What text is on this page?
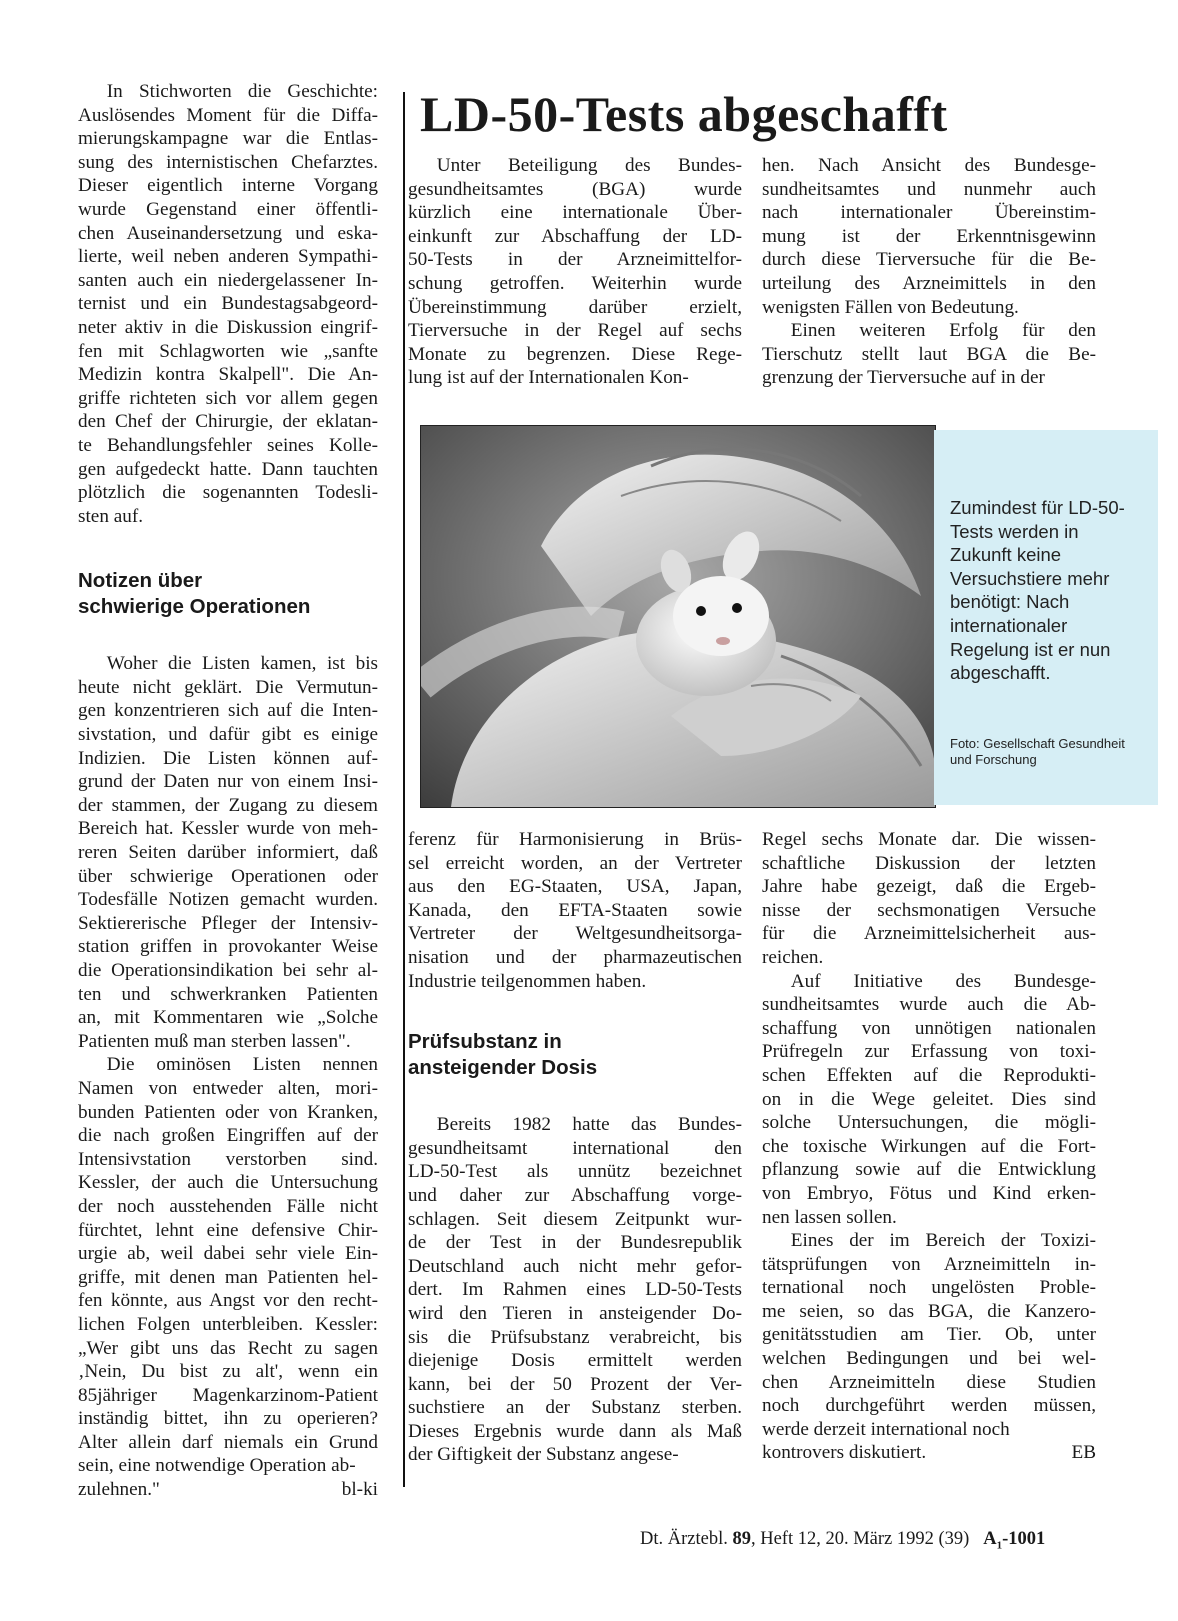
In Stichworten die Geschichte:
Auslösendes Moment für die Diffa-
mierungskampagne war die Entlas-
sung des internistischen Chefarztes.
Dieser eigentlich interne Vorgang
wurde Gegenstand einer öffentli-
chen Auseinandersetzung und eska-
lierte, weil neben anderen Sympathi-
santen auch ein niedergelassener In-
ternist und ein Bundestagsabgeord-
neter aktiv in die Diskussion eingrif-
fen mit Schlagworten wie „sanfte
Medizin kontra Skalpell". Die An-
griffe richteten sich vor allem gegen
den Chef der Chirurgie, der eklatan-
te Behandlungsfehler seines Kolle-
gen aufgedeckt hatte. Dann tauchten
plötzlich die sogenannten Todesli-
sten auf.
Notizen über
schwierige Operationen
Woher die Listen kamen, ist bis
heute nicht geklärt. Die Vermutun-
gen konzentrieren sich auf die Inten-
sivstation, und dafür gibt es einige
Indizien. Die Listen können auf-
grund der Daten nur von einem Insi-
der stammen, der Zugang zu diesem
Bereich hat. Kessler wurde von meh-
reren Seiten darüber informiert, daß
über schwierige Operationen oder
Todesfälle Notizen gemacht wurden.
Sektiererische Pfleger der Intensiv-
station griffen in provokanter Weise
die Operationsindikation bei sehr al-
ten und schwerkranken Patienten
an, mit Kommentaren wie „Solche
Patienten muß man sterben lassen".
Die ominösen Listen nennen
Namen von entweder alten, mori-
bunden Patienten oder von Kranken,
die nach großen Eingriffen auf der
Intensivstation verstorben sind.
Kessler, der auch die Untersuchung
der noch ausstehenden Fälle nicht
fürchtet, lehnt eine defensive Chir-
urgie ab, weil dabei sehr viele Ein-
griffe, mit denen man Patienten hel-
fen könnte, aus Angst vor den recht-
lichen Folgen unterbleiben. Kessler:
„Wer gibt uns das Recht zu sagen
‚Nein, Du bist zu alt', wenn ein
85jähriger Magenkarzinom-Patient
inständig bittet, ihn zu operieren?
Alter allein darf niemals ein Grund
sein, eine notwendige Operation ab-

zulehnen."	bl-ki

LD-50-Tests abgeschafft
Unter Beteiligung des Bundes-
gesundheitsamtes (BGA) wurde
kürzlich eine internationale Über-
einkunft zur Abschaffung der LD-
50-Tests in der Arzneimittelfor-
schung getroffen. Weiterhin wurde
Übereinstimmung darüber erzielt,
Tierversuche in der Regel auf sechs
Monate zu begrenzen. Diese Rege-
lung ist auf der Internationalen Kon-
hen. Nach Ansicht des Bundesge-
sundheitsamtes und nunmehr auch
nach internationaler Übereinstim-
mung ist der Erkenntnisgewinn
durch diese Tierversuche für die Be-
urteilung des Arzneimittels in den
wenigsten Fällen von Bedeutung.
Einen weiteren Erfolg für den
Tierschutz stellt laut BGA die Be-
grenzung der Tierversuche auf in der

Zumindest für LD-50-Tests werden in Zukunft keine Versuchstiere mehr benötigt: Nach internationaler Regelung ist er nun abgeschafft.

Foto: Gesellschaft Gesundheit und Forschung

ferenz für Harmonisierung in Brüs-
sel erreicht worden, an der Vertreter
aus den EG-Staaten, USA, Japan,
Kanada, den EFTA-Staaten sowie
Vertreter der Weltgesundheitsorga-
nisation und der pharmazeutischen
Industrie teilgenommen haben.
Prüfsubstanz in
ansteigender Dosis
Bereits 1982 hatte das Bundes-
gesundheitsamt international den
LD-50-Test als unnütz bezeichnet
und daher zur Abschaffung vorge-
schlagen. Seit diesem Zeitpunkt wur-
de der Test in der Bundesrepublik
Deutschland auch nicht mehr gefor-
dert. Im Rahmen eines LD-50-Tests
wird den Tieren in ansteigender Do-
sis die Prüfsubstanz verabreicht, bis
diejenige Dosis ermittelt werden
kann, bei der 50 Prozent der Ver-
suchstiere an der Substanz sterben.
Dieses Ergebnis wurde dann als Maß
der Giftigkeit der Substanz angese-
Regel sechs Monate dar. Die wissen-
schaftliche Diskussion der letzten
Jahre habe gezeigt, daß die Ergeb-
nisse der sechsmonatigen Versuche
für die Arzneimittelsicherheit aus-
reichen.
Auf Initiative des Bundesge-
sundheitsamtes wurde auch die Ab-
schaffung von unnötigen nationalen
Prüfregeln zur Erfassung von toxi-
schen Effekten auf die Reprodukti-
on in die Wege geleitet. Dies sind
solche Untersuchungen, die mögli-
che toxische Wirkungen auf die Fort-
pflanzung sowie auf die Entwicklung
von Embryo, Fötus und Kind erken-
nen lassen sollen.
Eines der im Bereich der Toxizi-
tätsprüfungen von Arzneimitteln in-
ternational noch ungelösten Proble-
me seien, so das BGA, die Kanzero-
genitätsstudien am Tier. Ob, unter
welchen Bedingungen und bei wel-
chen Arzneimitteln diese Studien
noch durchgeführt werden müssen,
werde derzeit international noch

kontrovers diskutiert.	EB

Dt. Ärztebl. 89, Heft 12, 20. März 1992 (39) $A_1-1001$
